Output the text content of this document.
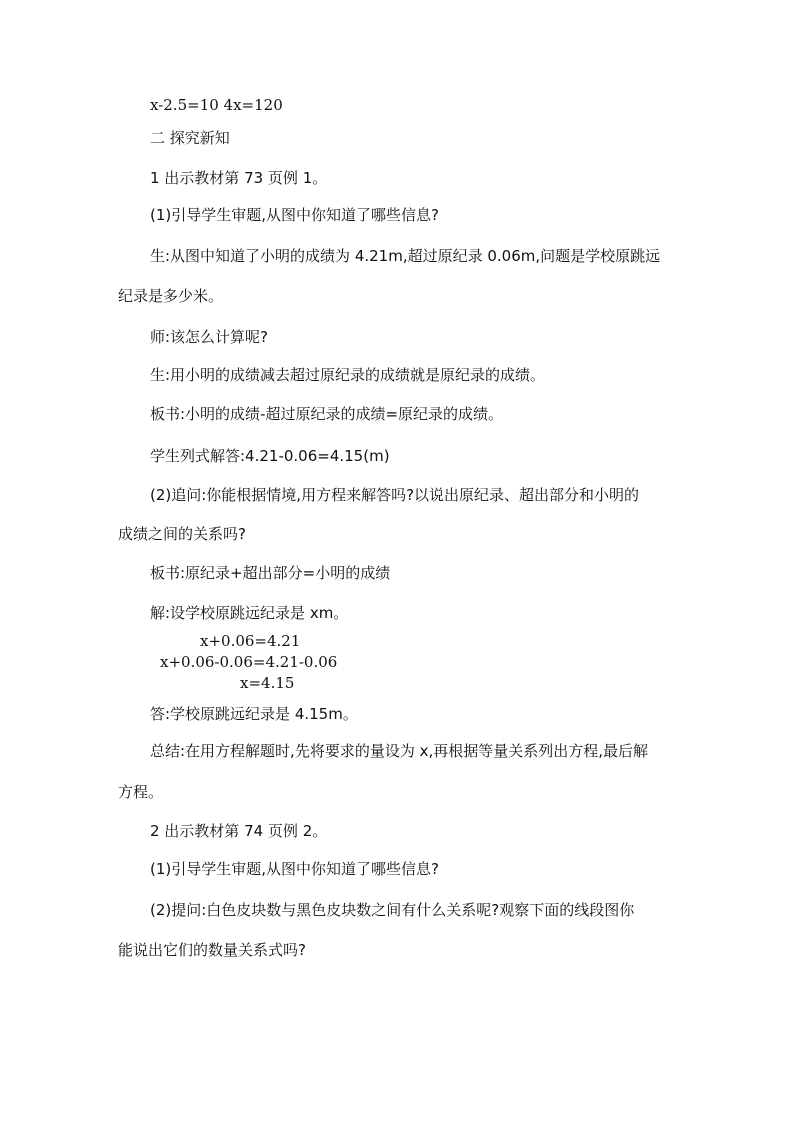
x-2.5=10 4x=120
二 探究新知
1 出示教材第 73 页例 1。
(1)引导学生审题,从图中你知道了哪些信息?
生:从图中知道了小明的成绩为 4.21m,超过原纪录 0.06m,问题是学校原跳远
纪录是多少米。
师:该怎么计算呢?
生:用小明的成绩减去超过原纪录的成绩就是原纪录的成绩。
板书:小明的成绩-超过原纪录的成绩=原纪录的成绩。
学生列式解答:4.21-0.06=4.15(m)
(2)追问:你能根据情境,用方程来解答吗?以说出原纪录、超出部分和小明的
成绩之间的关系吗?
板书:原纪录+超出部分=小明的成绩
解:设学校原跳远纪录是 xm。
x+0.06=4.21
x+0.06-0.06=4.21-0.06
x=4.15
答:学校原跳远纪录是 4.15m。
总结:在用方程解题时,先将要求的量设为 x,再根据等量关系列出方程,最后解
方程。
2 出示教材第 74 页例 2。
(1)引导学生审题,从图中你知道了哪些信息?
(2)提问:白色皮块数与黑色皮块数之间有什么关系呢?观察下面的线段图你
能说出它们的数量关系式吗?
